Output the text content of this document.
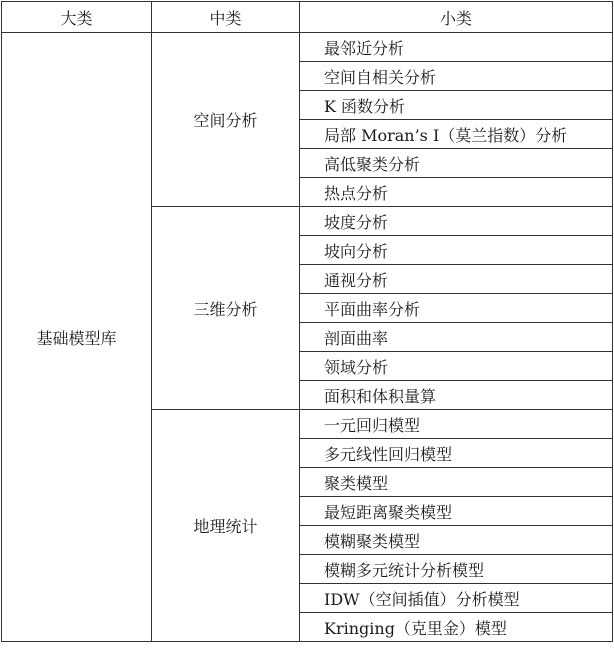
大类	中类	小类
基础模型库	空间分析	最邻近分析
		空间自相关分析
		K 函数分析
		局部 Moran’s I（莫兰指数）分析
		高低聚类分析
		热点分析
	三维分析	坡度分析
		坡向分析
		通视分析
		平面曲率分析
		剖面曲率
		领域分析
		面积和体积量算
	地理统计	一元回归模型
		多元线性回归模型
		聚类模型
		最短距离聚类模型
		模糊聚类模型
		模糊多元统计分析模型
		IDW（空间插值）分析模型
		Kringing（克里金）模型
